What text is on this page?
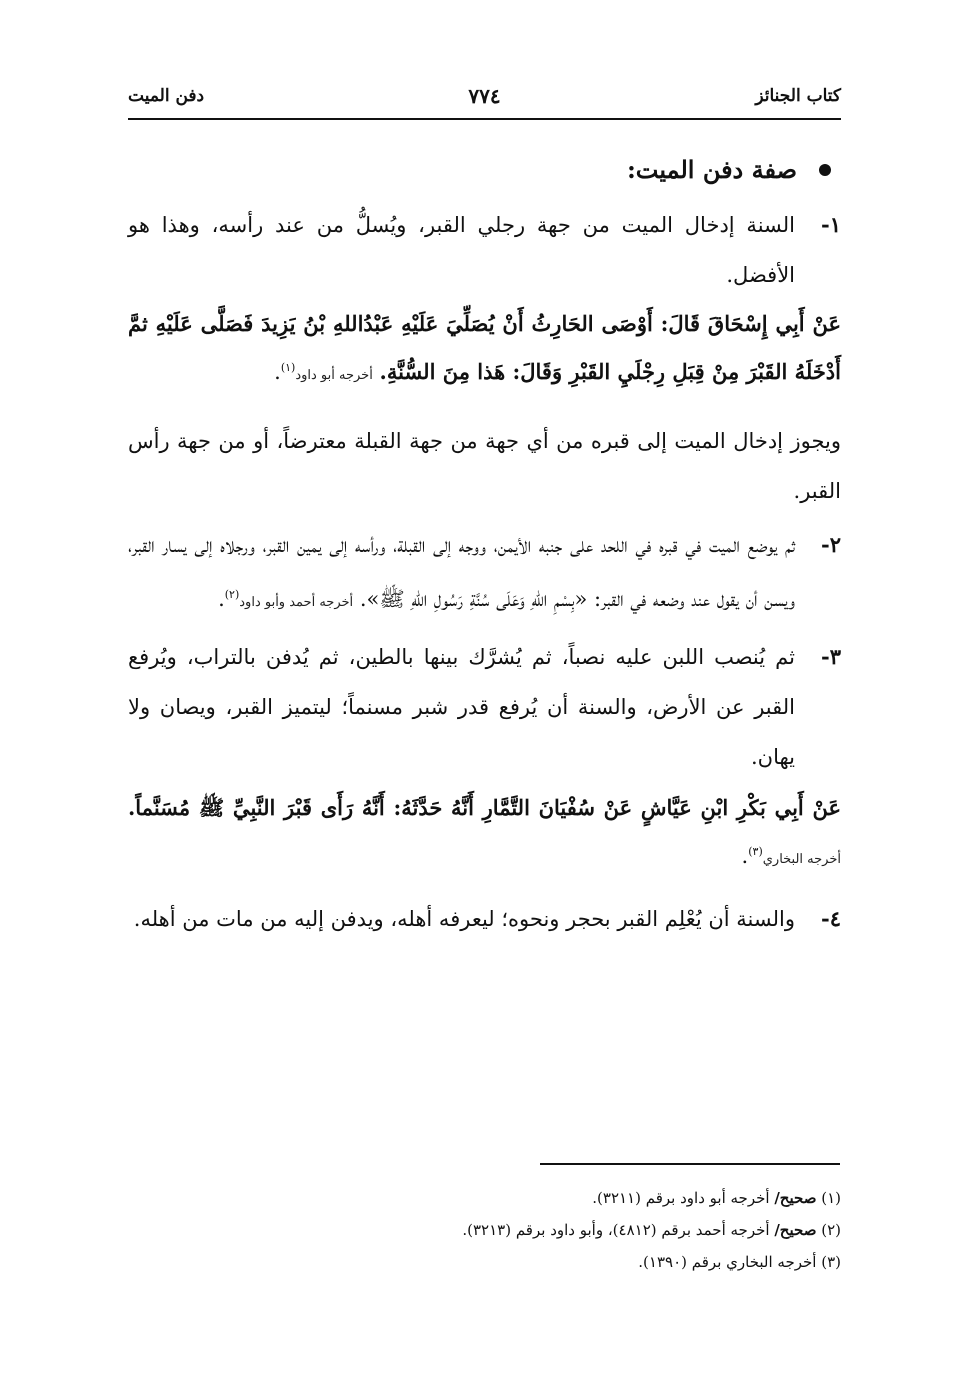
كتاب الجنائز
٧٧٤
دفن الميت
صفة دفن الميت:
١-
السنة إدخال الميت من جهة رجلي القبر، ويُسلُّ من عند رأسه، وهذا هو الأفضل.
عَنْ أَبِي إِسْحَاقَ قَالَ: أَوْصَى الحَارِثُ أَنْ يُصَلِّيَ عَلَيْهِ عَبْدُاللهِ بْنُ يَزِيدَ فَصَلَّى عَلَيْهِ ثمَّ أَدْخَلَهُ القَبْرَ مِنْ قِبَلِ رِجْلَيِ القَبْرِ وَقَالَ: هَذا مِنَ السُّنَّةِ. أخرجه أبو داود$^{(١)}$.
ويجوز إدخال الميت إلى قبره من أي جهة من جهة القبلة معترضاً، أو من جهة رأس القبر.
٢-
ثم يوضع الميت في قبره في اللحد على جنبه الأيمن، ووجه إلى القبلة، ورأسه إلى يمين القبر، ورجلاه إلى يسار القبر، ويسن أن يقول عند وضعه في القبر: «بِسْمِ اللهِ وَعَلَى سُنَّةِ رَسُولِ اللهِ ﷺ». أخرجه أحمد وأبو داود$^{(٢)}$.
٣-
ثم يُنصب اللبن عليه نصباً، ثم يُشرَّك بينها بالطين، ثم يُدفن بالتراب، ويُرفع القبر عن الأرض، والسنة أن يُرفع قدر شبر مسنماً؛ ليتميز القبر، ويصان ولا يهان.
عَنْ أَبِي بَكْرِ ابْنِ عَيَّاشٍ عَنْ سُفْيَانَ التَّمَّارِ أَنَّهُ حَدَّثَهُ: أَنَّهُ رَأَى قَبْرَ النَّبِيِّ ﷺ مُسَنَّماً. أخرجه البخاري$^{(٣)}$.
٤-
والسنة أن يُعْلِم القبر بحجر ونحوه؛ ليعرفه أهله، ويدفن إليه من مات من أهله.
(١) صحيح/ أخرجه أبو داود برقم (٣٢١١).
(٢) صحيح/ أخرجه أحمد برقم (٤٨١٢)، وأبو داود برقم (٣٢١٣).
(٣) أخرجه البخاري برقم (١٣٩٠).
